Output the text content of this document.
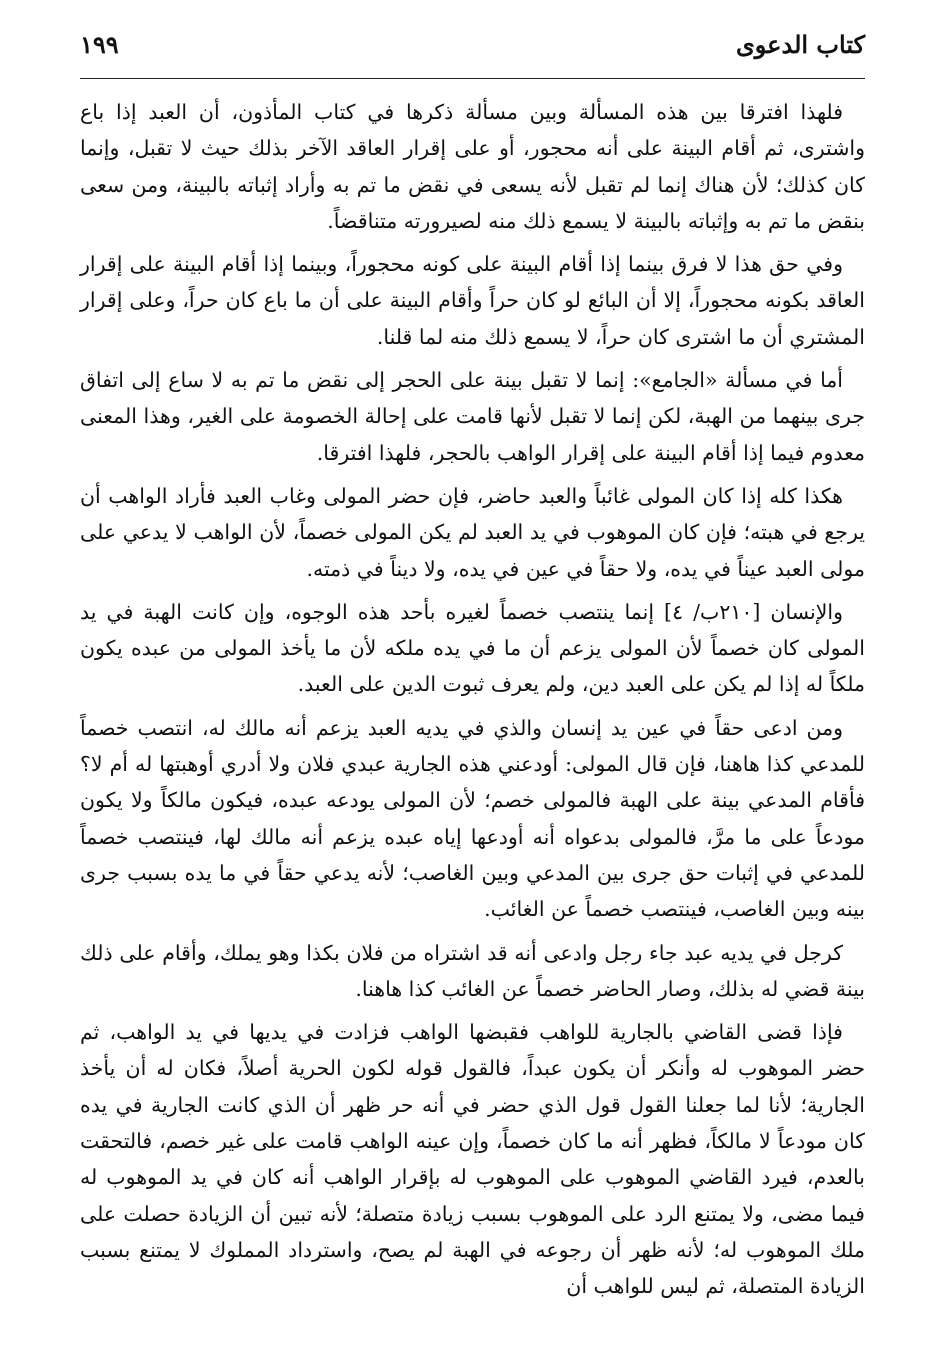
كتاب الدعوى
١٩٩

فلهذا افترقا بين هذه المسألة وبين مسألة ذكرها في كتاب المأذون، أن العبد إذا باع واشترى، ثم أقام البينة على أنه محجور، أو على إقرار العاقد الآخر بذلك حيث لا تقبل، وإنما كان كذلك؛ لأن هناك إنما لم تقبل لأنه يسعى في نقض ما تم به وأراد إثباته بالبينة، ومن سعى بنقض ما تم به وإثباته بالبينة لا يسمع ذلك منه لصيرورته متناقضاً.

وفي حق هذا لا فرق بينما إذا أقام البينة على كونه محجوراً، وبينما إذا أقام البينة على إقرار العاقد بكونه محجوراً، إلا أن البائع لو كان حراً وأقام البينة على أن ما باع كان حراً، وعلى إقرار المشتري أن ما اشترى كان حراً، لا يسمع ذلك منه لما قلنا.

أما في مسألة «الجامع»: إنما لا تقبل بينة على الحجر إلى نقض ما تم به لا ساع إلى اتفاق جرى بينهما من الهبة، لكن إنما لا تقبل لأنها قامت على إحالة الخصومة على الغير، وهذا المعنى معدوم فيما إذا أقام البينة على إقرار الواهب بالحجر، فلهذا افترقا.

هكذا كله إذا كان المولى غائباً والعبد حاضر، فإن حضر المولى وغاب العبد فأراد الواهب أن يرجع في هبته؛ فإن كان الموهوب في يد العبد لم يكن المولى خصماً، لأن الواهب لا يدعي على مولى العبد عيناً في يده، ولا حقاً في عين في يده، ولا ديناً في ذمته.

والإنسان [٢١٠ب/ ٤] إنما ينتصب خصماً لغيره بأحد هذه الوجوه، وإن كانت الهبة في يد المولى كان خصماً لأن المولى يزعم أن ما في يده ملكه لأن ما يأخذ المولى من عبده يكون ملكاً له إذا لم يكن على العبد دين، ولم يعرف ثبوت الدين على العبد.

ومن ادعى حقاً في عين يد إنسان والذي في يديه العبد يزعم أنه مالك له، انتصب خصماً للمدعي كذا هاهنا، فإن قال المولى: أودعني هذه الجارية عبدي فلان ولا أدري أوهبتها له أم لا؟ فأقام المدعي بينة على الهبة فالمولى خصم؛ لأن المولى يودعه عبده، فيكون مالكاً ولا يكون مودعاً على ما مرَّ، فالمولى بدعواه أنه أودعها إياه عبده يزعم أنه مالك لها، فينتصب خصماً للمدعي في إثبات حق جرى بين المدعي وبين الغاصب؛ لأنه يدعي حقاً في ما يده بسبب جرى بينه وبين الغاصب، فينتصب خصماً عن الغائب.

كرجل في يديه عبد جاء رجل وادعى أنه قد اشتراه من فلان بكذا وهو يملك، وأقام على ذلك بينة قضي له بذلك، وصار الحاضر خصماً عن الغائب كذا هاهنا.

فإذا قضى القاضي بالجارية للواهب فقبضها الواهب فزادت في يديها في يد الواهب، ثم حضر الموهوب له وأنكر أن يكون عبداً، فالقول قوله لكون الحرية أصلاً، فكان له أن يأخذ الجارية؛ لأنا لما جعلنا القول قول الذي حضر في أنه حر ظهر أن الذي كانت الجارية في يده كان مودعاً لا مالكاً، فظهر أنه ما كان خصماً، وإن عينه الواهب قامت على غير خصم، فالتحقت بالعدم، فيرد القاضي الموهوب على الموهوب له بإقرار الواهب أنه كان في يد الموهوب له فيما مضى، ولا يمتنع الرد على الموهوب بسبب زيادة متصلة؛ لأنه تبين أن الزيادة حصلت على ملك الموهوب له؛ لأنه ظهر أن رجوعه في الهبة لم يصح، واسترداد المملوك لا يمتنع بسبب الزيادة المتصلة، ثم ليس للواهب أن
